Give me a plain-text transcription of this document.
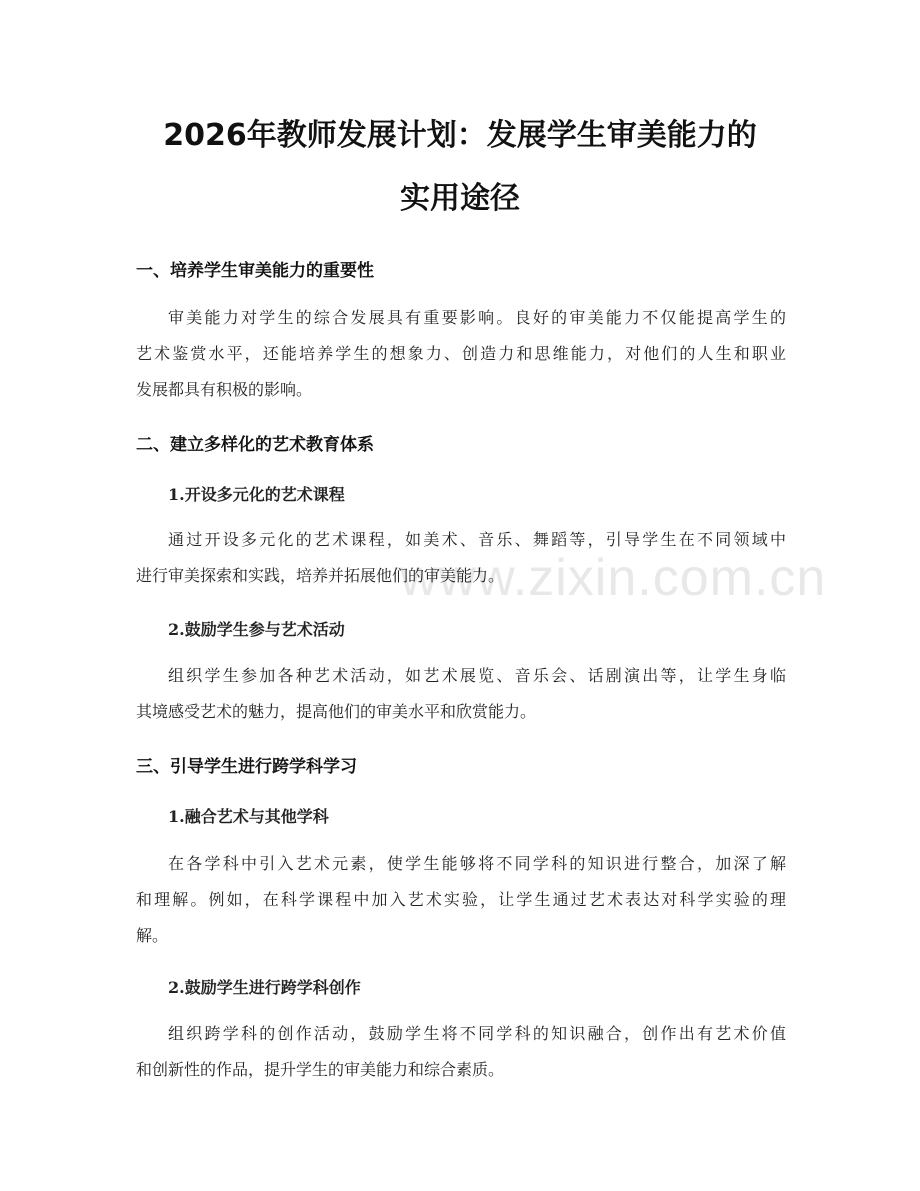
www.zixin.com.cn
2026年教师发展计划：发展学生审美能力的
实用途径
一、培养学生审美能力的重要性
审美能力对学生的综合发展具有重要影响。良好的审美能力不仅能提高学生的
艺术鉴赏水平，还能培养学生的想象力、创造力和思维能力，对他们的人生和职业
发展都具有积极的影响。
二、建立多样化的艺术教育体系
1.开设多元化的艺术课程
通过开设多元化的艺术课程，如美术、音乐、舞蹈等，引导学生在不同领域中
进行审美探索和实践，培养并拓展他们的审美能力。
2.鼓励学生参与艺术活动
组织学生参加各种艺术活动，如艺术展览、音乐会、话剧演出等，让学生身临
其境感受艺术的魅力，提高他们的审美水平和欣赏能力。
三、引导学生进行跨学科学习
1.融合艺术与其他学科
在各学科中引入艺术元素，使学生能够将不同学科的知识进行整合，加深了解
和理解。例如，在科学课程中加入艺术实验，让学生通过艺术表达对科学实验的理
解。
2.鼓励学生进行跨学科创作
组织跨学科的创作活动，鼓励学生将不同学科的知识融合，创作出有艺术价值
和创新性的作品，提升学生的审美能力和综合素质。
